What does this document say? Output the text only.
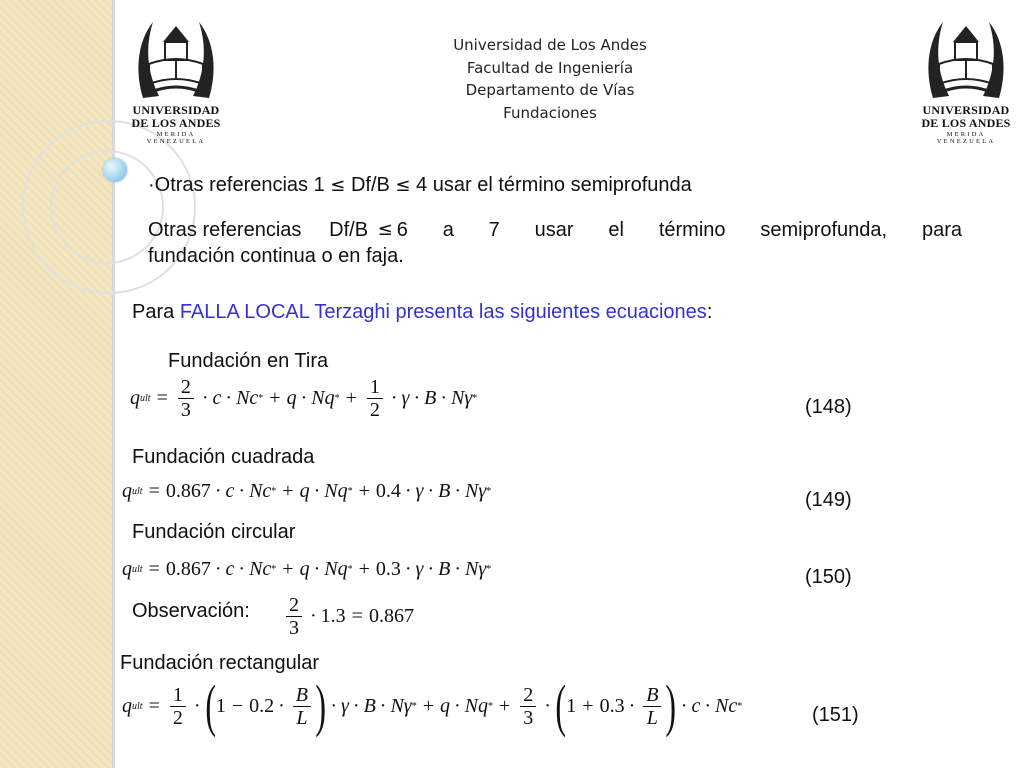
UNIVERSIDAD
DE LOS ANDES
MERIDA VENEZUELA
UNIVERSIDAD
DE LOS ANDES
MERIDA VENEZUELA
Universidad de Los Andes
Facultad de Ingeniería
Departamento de Vías
Fundaciones
·Otras referencias 1 ≤ Df/B ≤ 4 usar el término semiprofunda
Otras referencias     Df/B ≤ 6 a 7 usar el término semiprofunda, para
fundación continua o en faja.
Para FALLA LOCAL Terzaghi presenta las siguientes ecuaciones:
Fundación en Tira
q ult = $\frac{2}{3} \cdot c \cdot Nc$ * + q · Nq * + $\frac{1}{2} \cdot \gamma \cdot B \cdot N\gamma$ *	(148)
Fundación cuadrada
q ult = 0.867 · c · Nc * + q · Nq * + 0.4 · γ · B · Nγ *	(149)
Fundación circular
q ult = 0.867 · c · Nc * + q · Nq * + 0.3 · γ · B · Nγ *	(150)
Observación: $\frac{2}{3} \cdot 1.3 = 0.867$
Fundación rectangular
q ult = $\frac{1}{2}$ · ( $1 - 0.2 \cdot \frac{B}{L}$ ) · γ · B · Nγ * + q · Nq * + $\frac{2}{3}$ · ( $1 + 0.3 \cdot \frac{B}{L}$ ) · c · Nc *	(151)
